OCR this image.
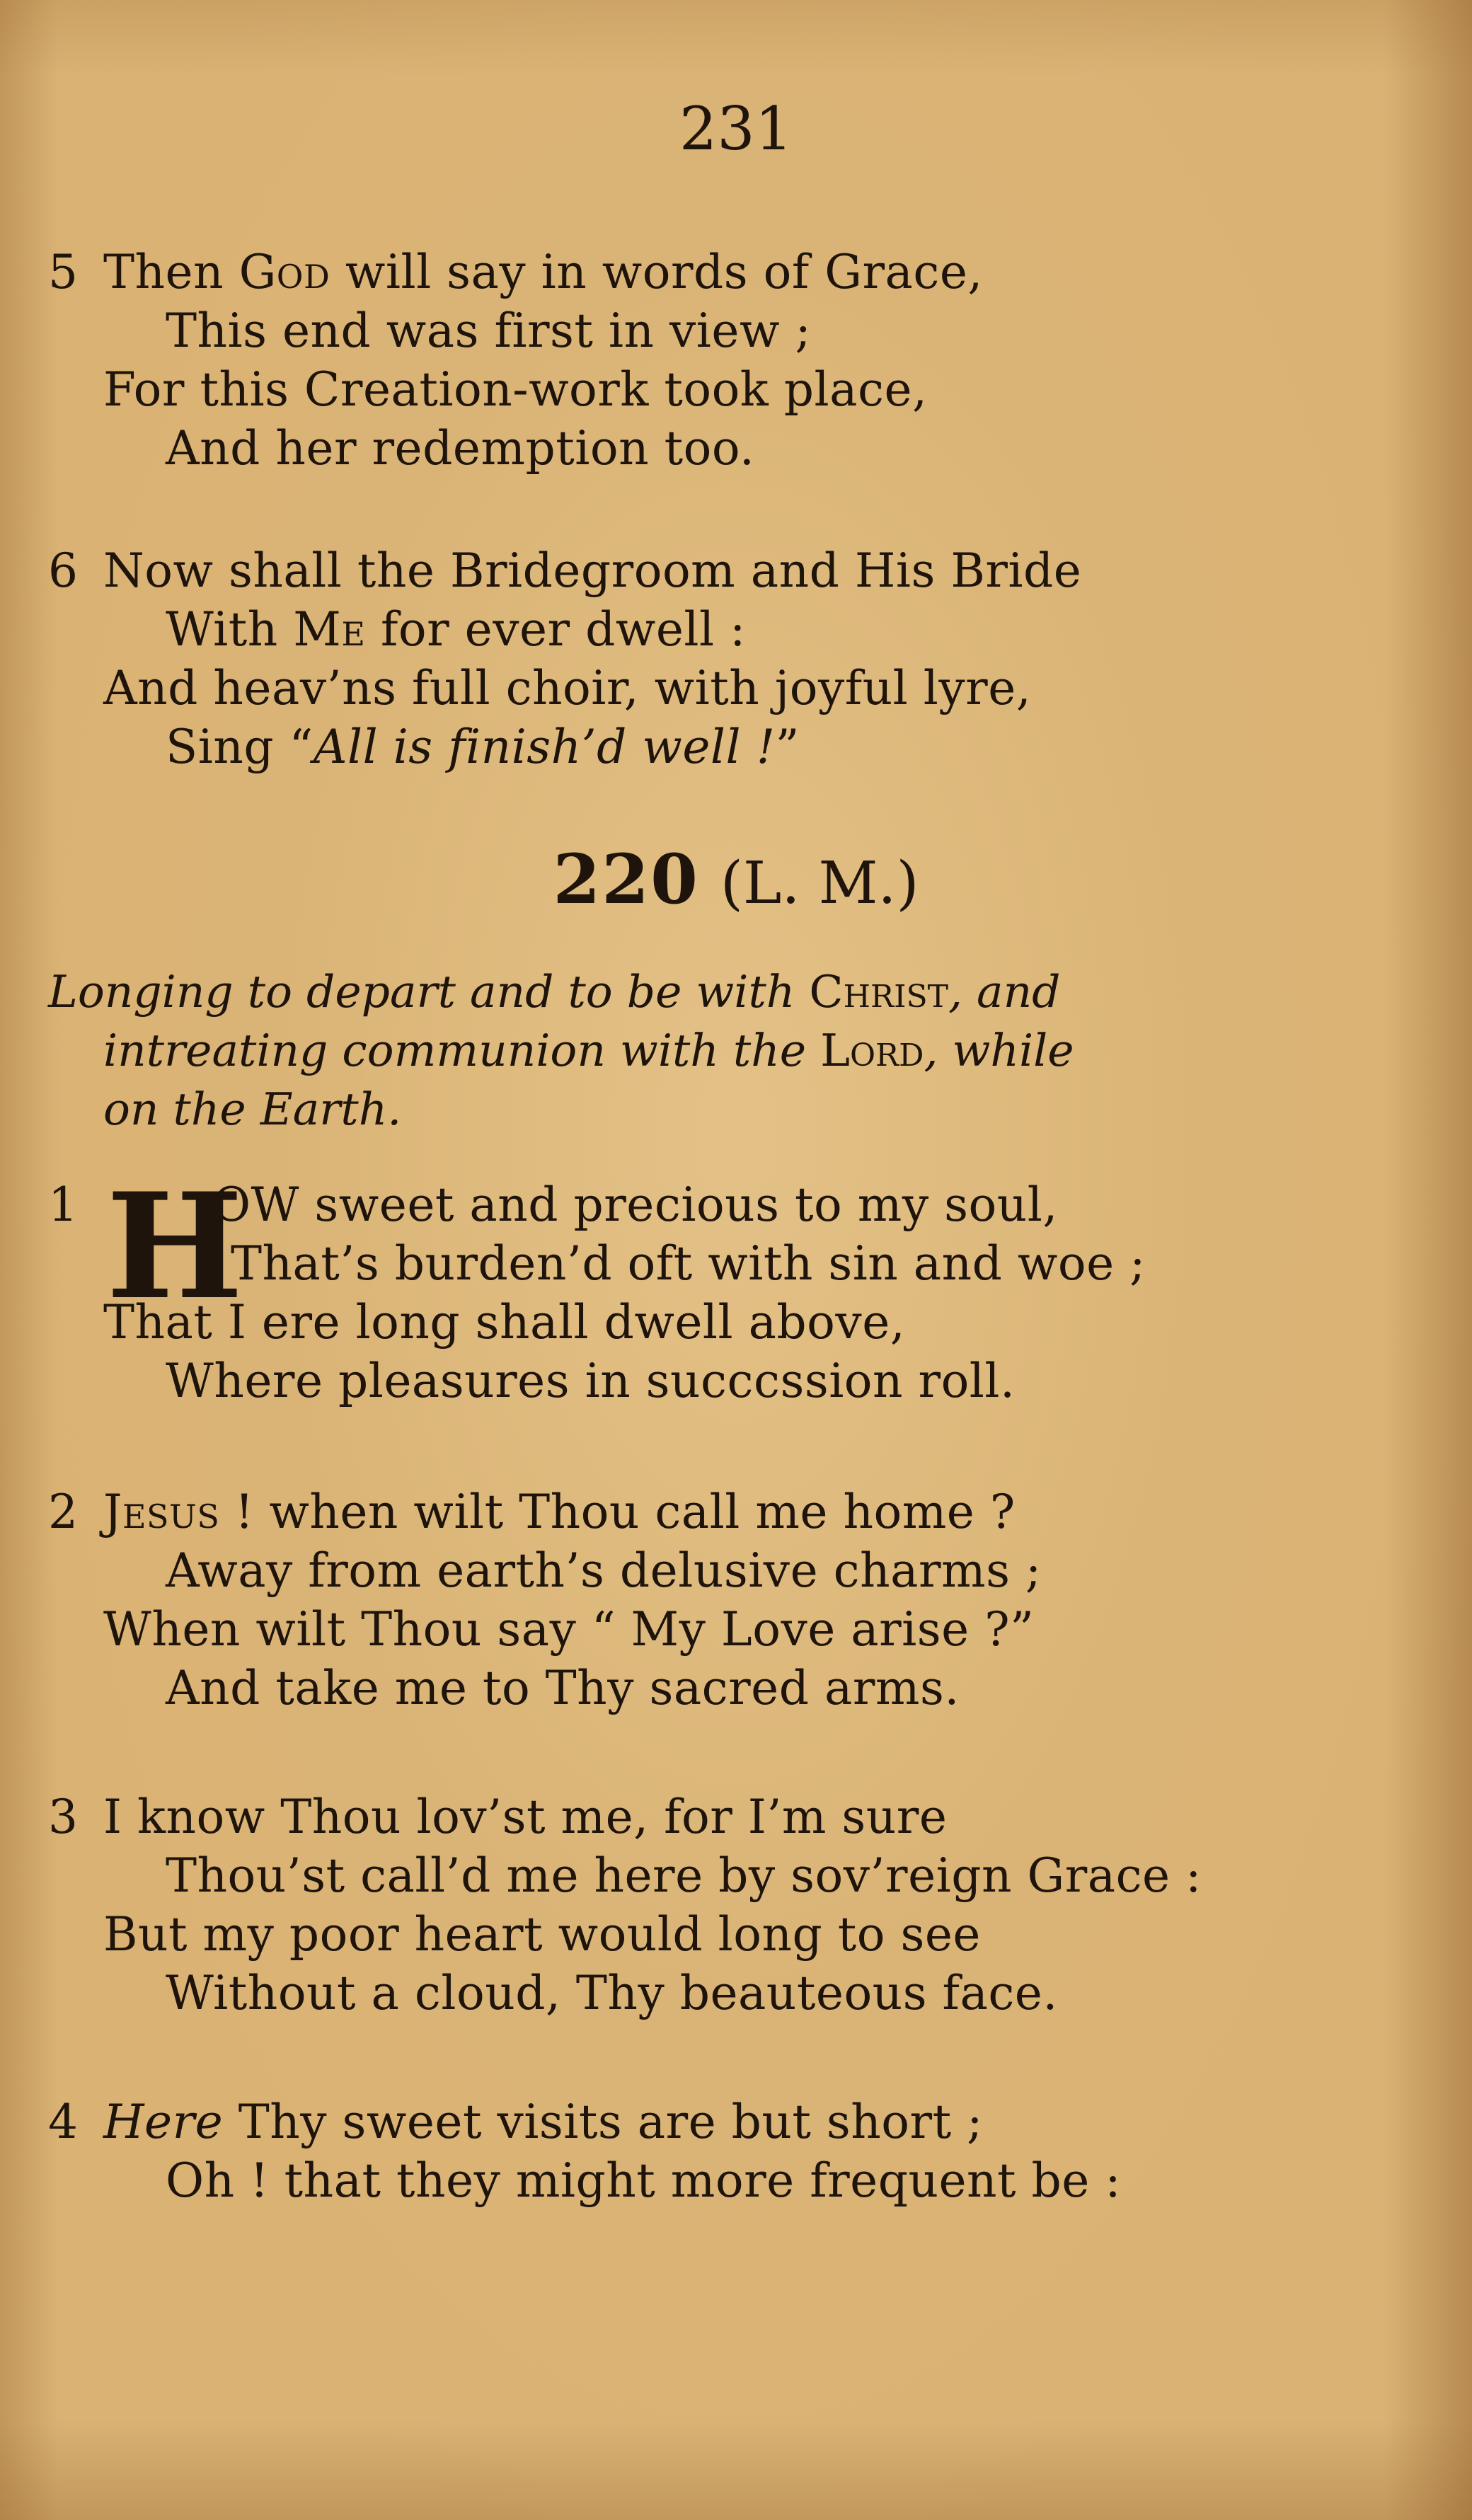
231
5 Then God will say in words of Grace,
This end was first in view ;
For this Creation-work took place,
And her redemption too.
6 Now shall the Bridegroom and His Bride
With Me for ever dwell :
And heav’ns full choir, with joyful lyre,
Sing “All is finish’d well !”
220 (L. M.)
Longing to depart and to be with Christ, and
intreating communion with the Lord, while
on the Earth.
1 H
OW sweet and precious to my soul,
That’s burden’d oft with sin and woe ;
That I ere long shall dwell above,
Where pleasures in succcssion roll.
2 Jesus ! when wilt Thou call me home ?
Away from earth’s delusive charms ;
When wilt Thou say “ My Love arise ?”
And take me to Thy sacred arms.
3 I know Thou lov’st me, for I’m sure
Thou’st call’d me here by sov’reign Grace :
But my poor heart would long to see
Without a cloud, Thy beauteous face.
4 Here Thy sweet visits are but short ;
Oh ! that they might more frequent be :
